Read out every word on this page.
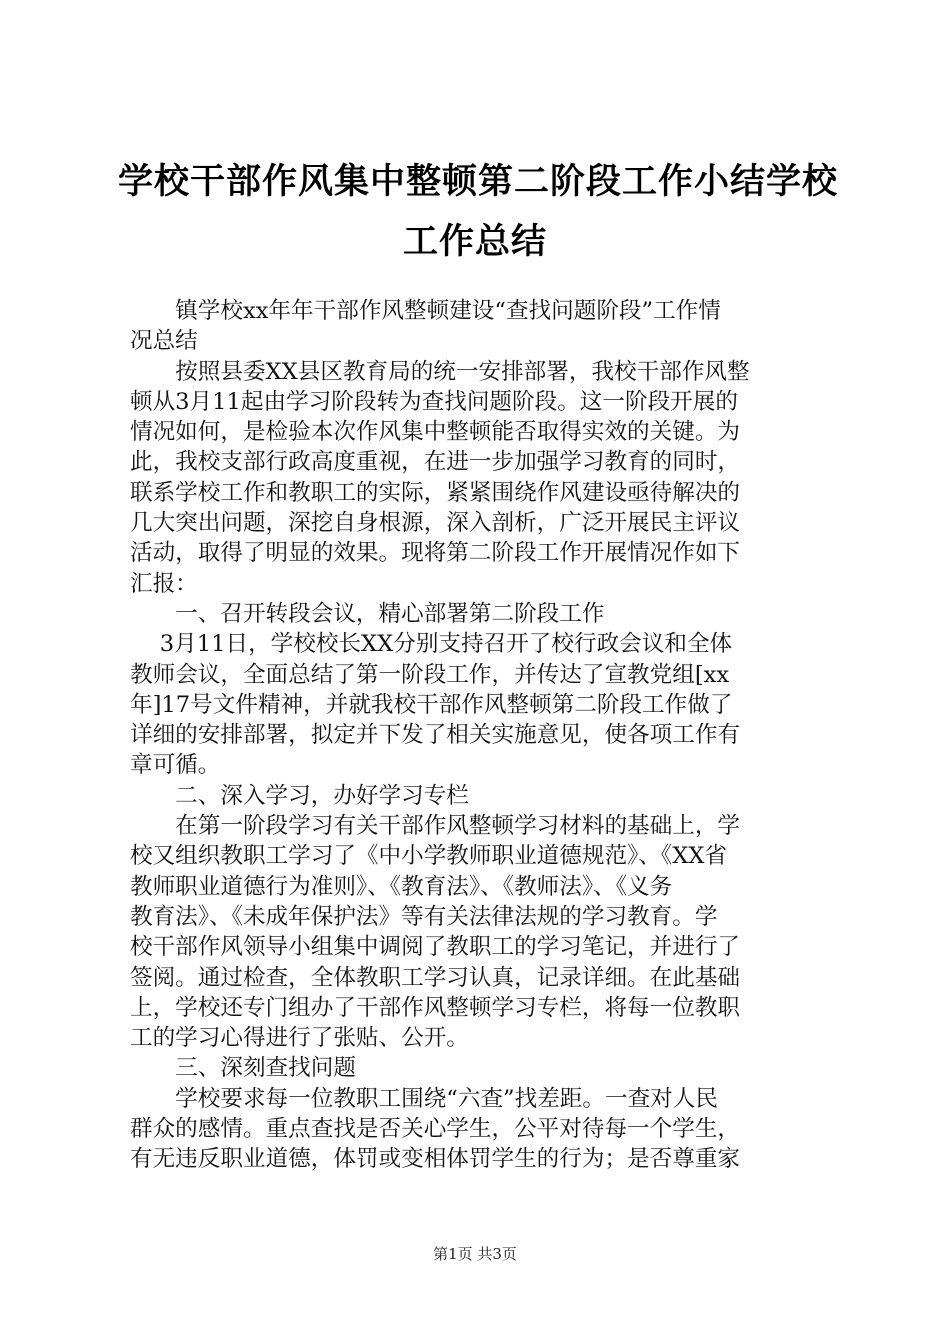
学校干部作风集中整顿第二阶段工作小结学校
工作总结
　　镇学校xx年年干部作风整顿建设“查找问题阶段”工作情
况总结
　　按照县委XX县区教育局的统一安排部署，我校干部作风整
顿从3月11起由学习阶段转为查找问题阶段。这一阶段开展的
情况如何，是检验本次作风集中整顿能否取得实效的关键。为
此，我校支部行政高度重视，在进一步加强学习教育的同时，
联系学校工作和教职工的实际，紧紧围绕作风建设亟待解决的
几大突出问题，深挖自身根源，深入剖析，广泛开展民主评议
活动，取得了明显的效果。现将第二阶段工作开展情况作如下
汇报：
　　一、召开转段会议，精心部署第二阶段工作
　 3月11日，学校校长XX分别支持召开了校行政会议和全体
教师会议，全面总结了第一阶段工作，并传达了宣教党组[xx
年]17号文件精神，并就我校干部作风整顿第二阶段工作做了
详细的安排部署，拟定并下发了相关实施意见，使各项工作有
章可循。
　　二、深入学习，办好学习专栏
　　在第一阶段学习有关干部作风整顿学习材料的基础上，学
校又组织教职工学习了《中小学教师职业道德规范》、《XX省
教师职业道德行为准则》、《教育法》、《教师法》、《义务
教育法》、《未成年保护法》等有关法律法规的学习教育。学
校干部作风领导小组集中调阅了教职工的学习笔记，并进行了
签阅。通过检查，全体教职工学习认真，记录详细。在此基础
上，学校还专门组办了干部作风整顿学习专栏，将每一位教职
工的学习心得进行了张贴、公开。
　　三、深刻查找问题
　　学校要求每一位教职工围绕“六查”找差距。一查对人民
群众的感情。重点查找是否关心学生，公平对待每一个学生，
有无违反职业道德，体罚或变相体罚学生的行为；是否尊重家
第1页 共3页
